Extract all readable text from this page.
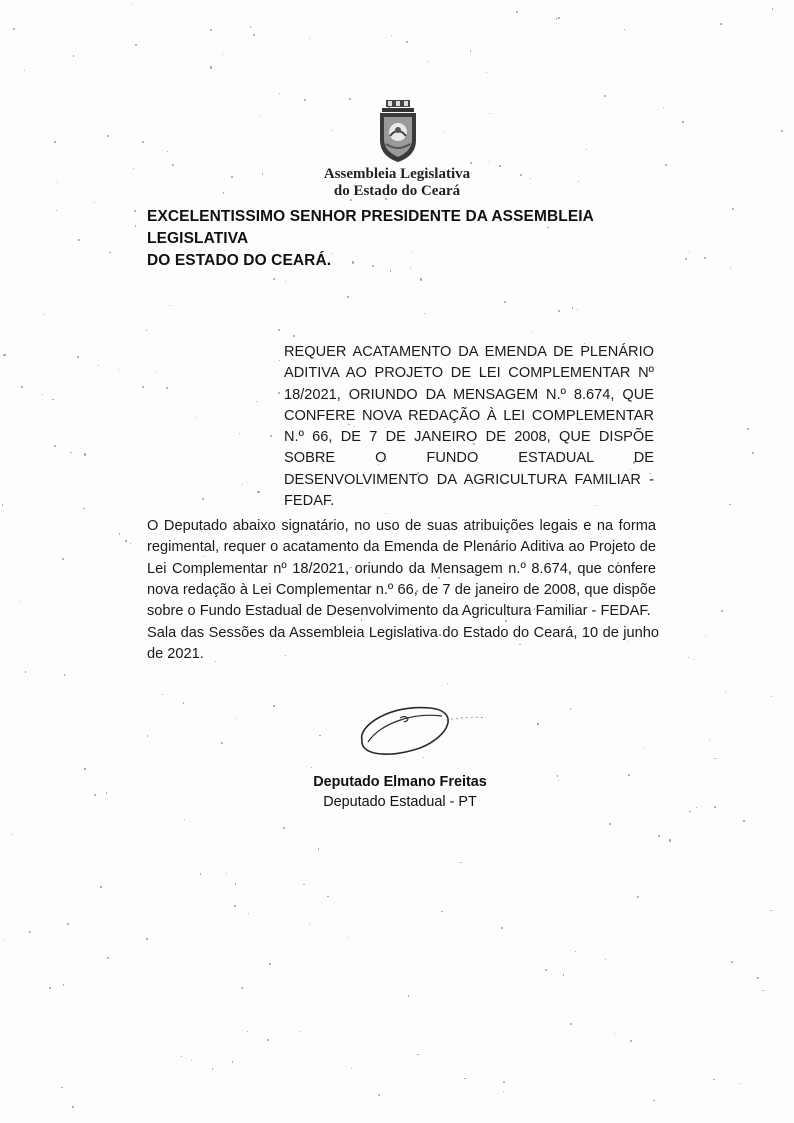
Assembleia Legislativa
do Estado do Ceará
EXCELENTISSIMO SENHOR PRESIDENTE DA ASSEMBLEIA LEGISLATIVA
DO ESTADO DO CEARÁ.
REQUER ACATAMENTO DA EMENDA DE PLENÁRIO ADITIVA AO PROJETO DE LEI COMPLEMENTAR Nº 18/2021, ORIUNDO DA MENSAGEM N.º 8.674, QUE CONFERE NOVA REDAÇÃO À LEI COMPLEMENTAR N.º 66, DE 7 DE JANEIRO DE 2008, QUE DISPÕE SOBRE O FUNDO ESTADUAL DE DESENVOLVIMENTO DA AGRICULTURA FAMILIAR - FEDAF.
O Deputado abaixo signatário, no uso de suas atribuições legais e na forma regimental, requer o acatamento da Emenda de Plenário Aditiva ao Projeto de Lei Complementar nº 18/2021, oriundo da Mensagem n.º 8.674, que confere nova redação à Lei Complementar n.º 66, de 7 de janeiro de 2008, que dispõe sobre o Fundo Estadual de Desenvolvimento da Agricultura Familiar - FEDAF.
Sala das Sessões da Assembleia Legislativa do Estado do Ceará, 10 de junho de 2021.
Deputado Elmano Freitas
Deputado Estadual - PT
